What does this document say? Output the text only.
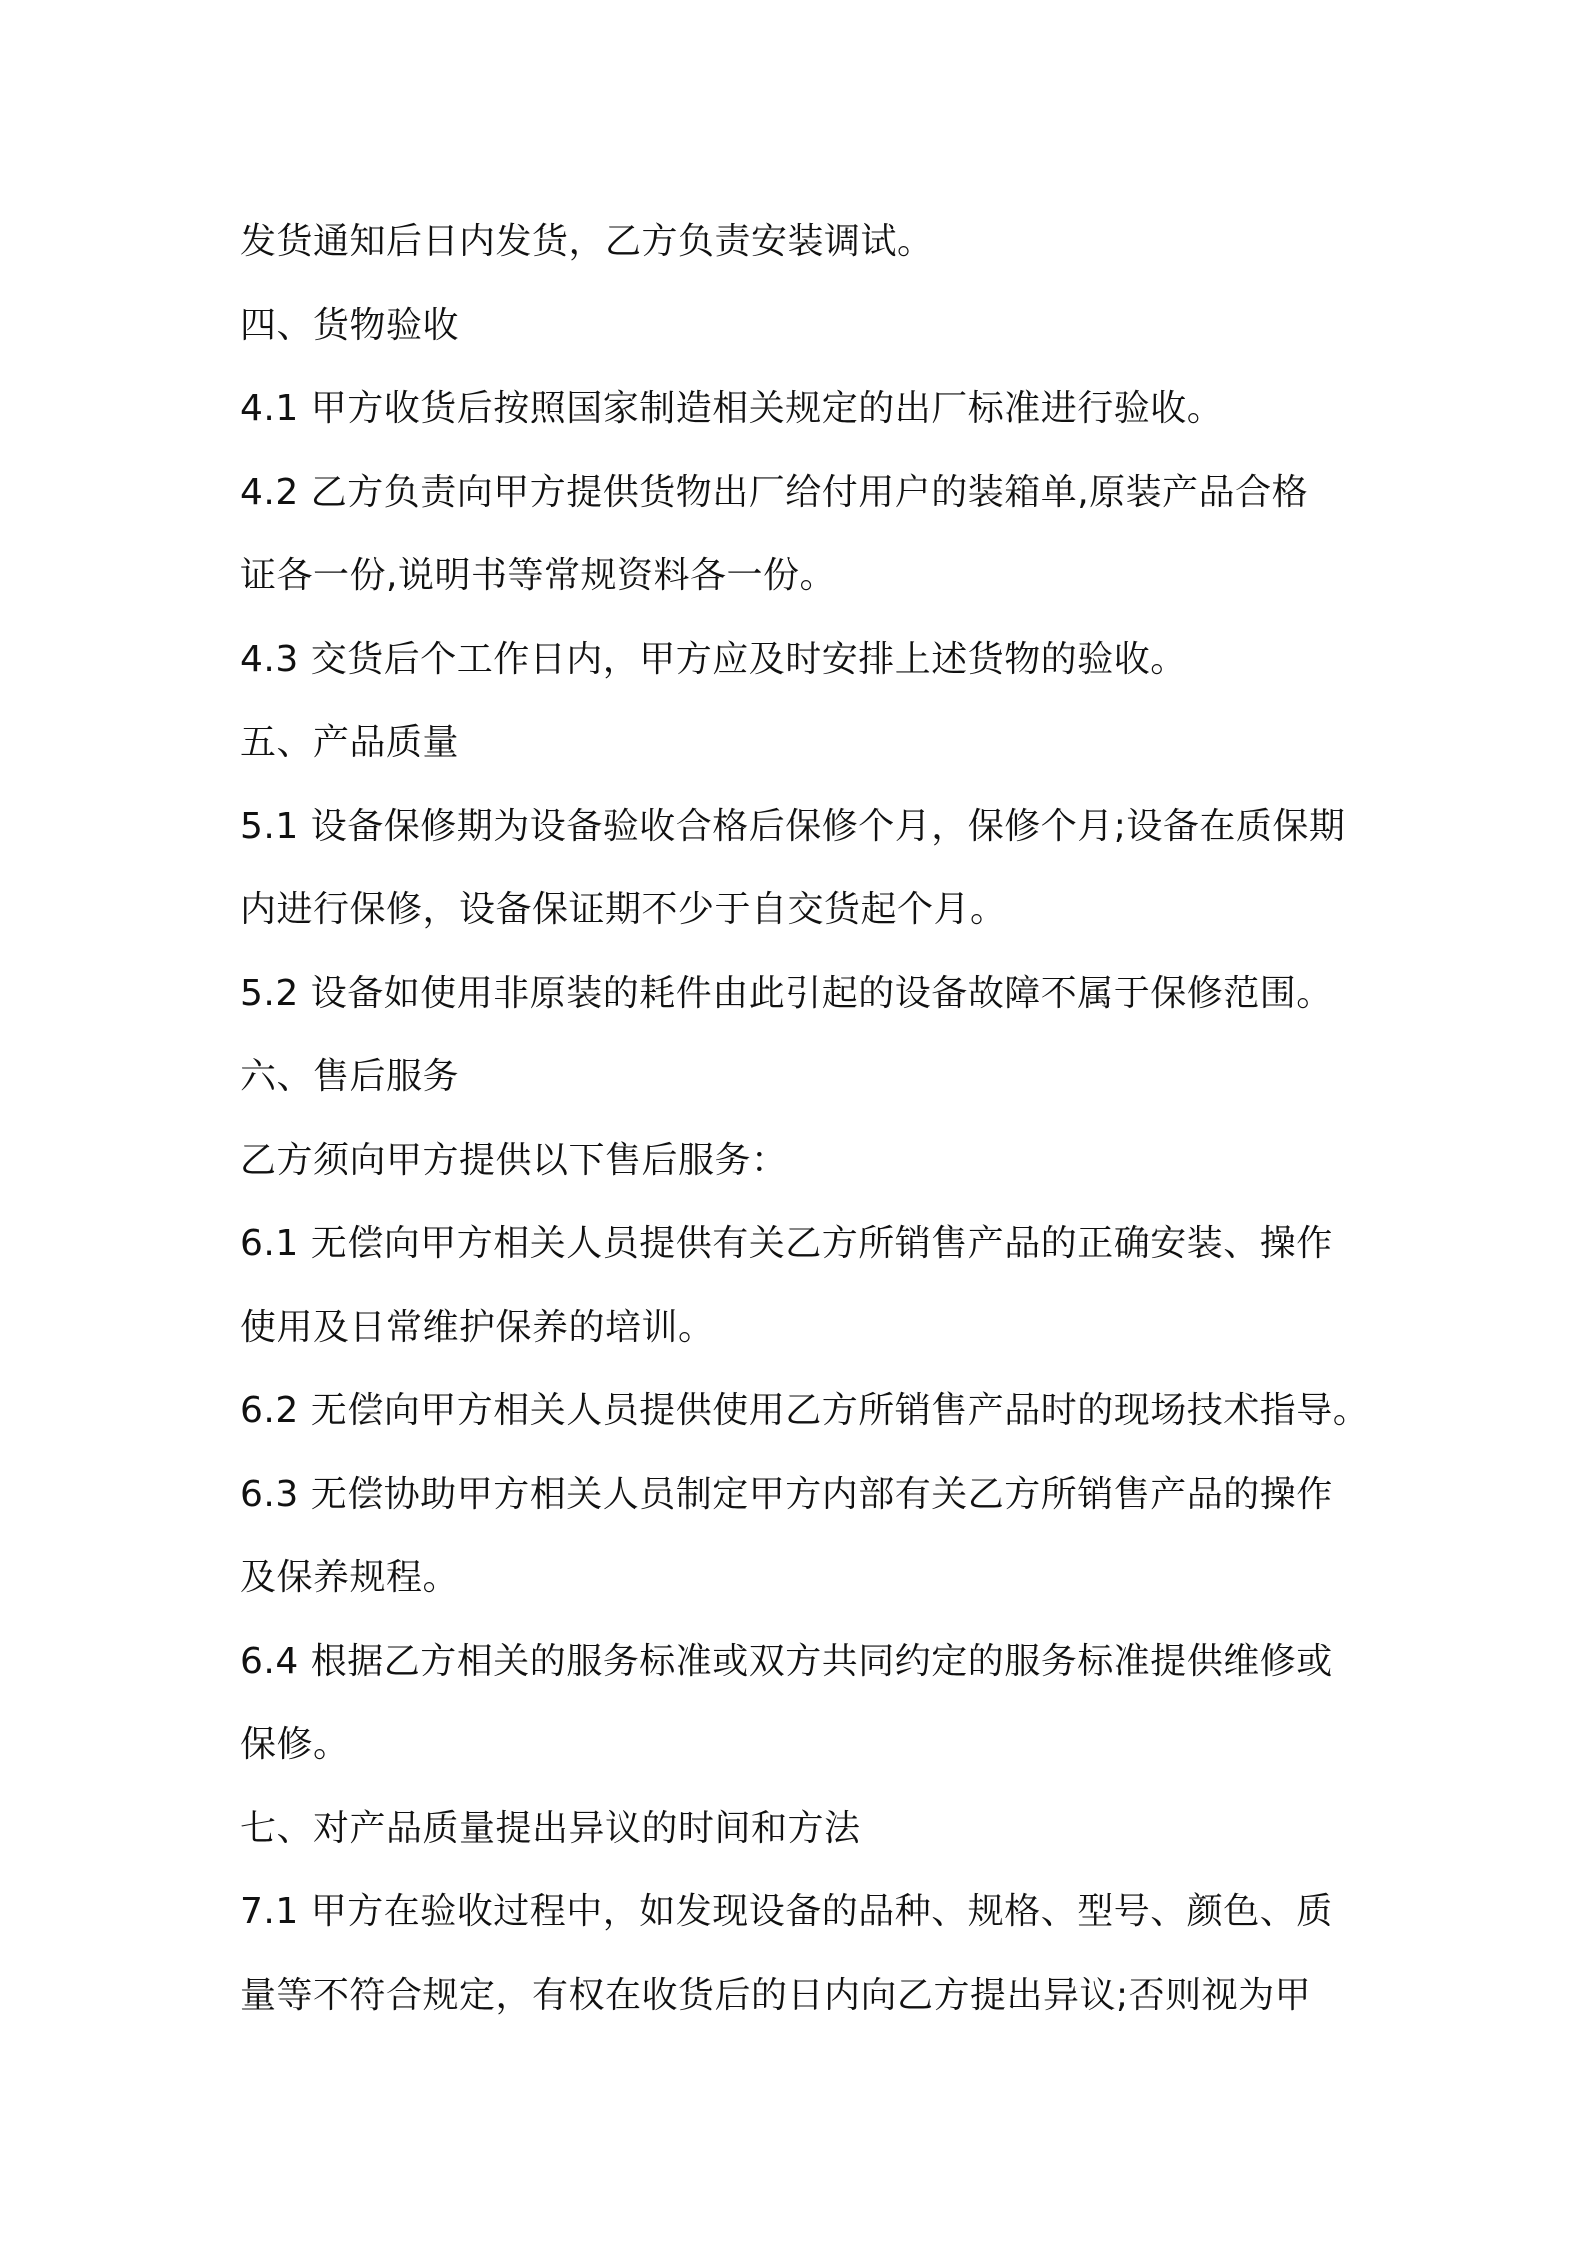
发货通知后日内发货，乙方负责安装调试。
四、货物验收
4.1 甲方收货后按照国家制造相关规定的出厂标准进行验收。
4.2 乙方负责向甲方提供货物出厂给付用户的装箱单,原装产品合格
证各一份,说明书等常规资料各一份。
4.3 交货后个工作日内，甲方应及时安排上述货物的验收。
五、产品质量
5.1 设备保修期为设备验收合格后保修个月，保修个月;设备在质保期
内进行保修，设备保证期不少于自交货起个月。
5.2 设备如使用非原装的耗件由此引起的设备故障不属于保修范围。
六、售后服务
乙方须向甲方提供以下售后服务：
6.1 无偿向甲方相关人员提供有关乙方所销售产品的正确安装、操作
使用及日常维护保养的培训。
6.2 无偿向甲方相关人员提供使用乙方所销售产品时的现场技术指导。
6.3 无偿协助甲方相关人员制定甲方内部有关乙方所销售产品的操作
及保养规程。
6.4 根据乙方相关的服务标准或双方共同约定的服务标准提供维修或
保修。
七、对产品质量提出异议的时间和方法
7.1 甲方在验收过程中，如发现设备的品种、规格、型号、颜色、质
量等不符合规定，有权在收货后的日内向乙方提出异议;否则视为甲
